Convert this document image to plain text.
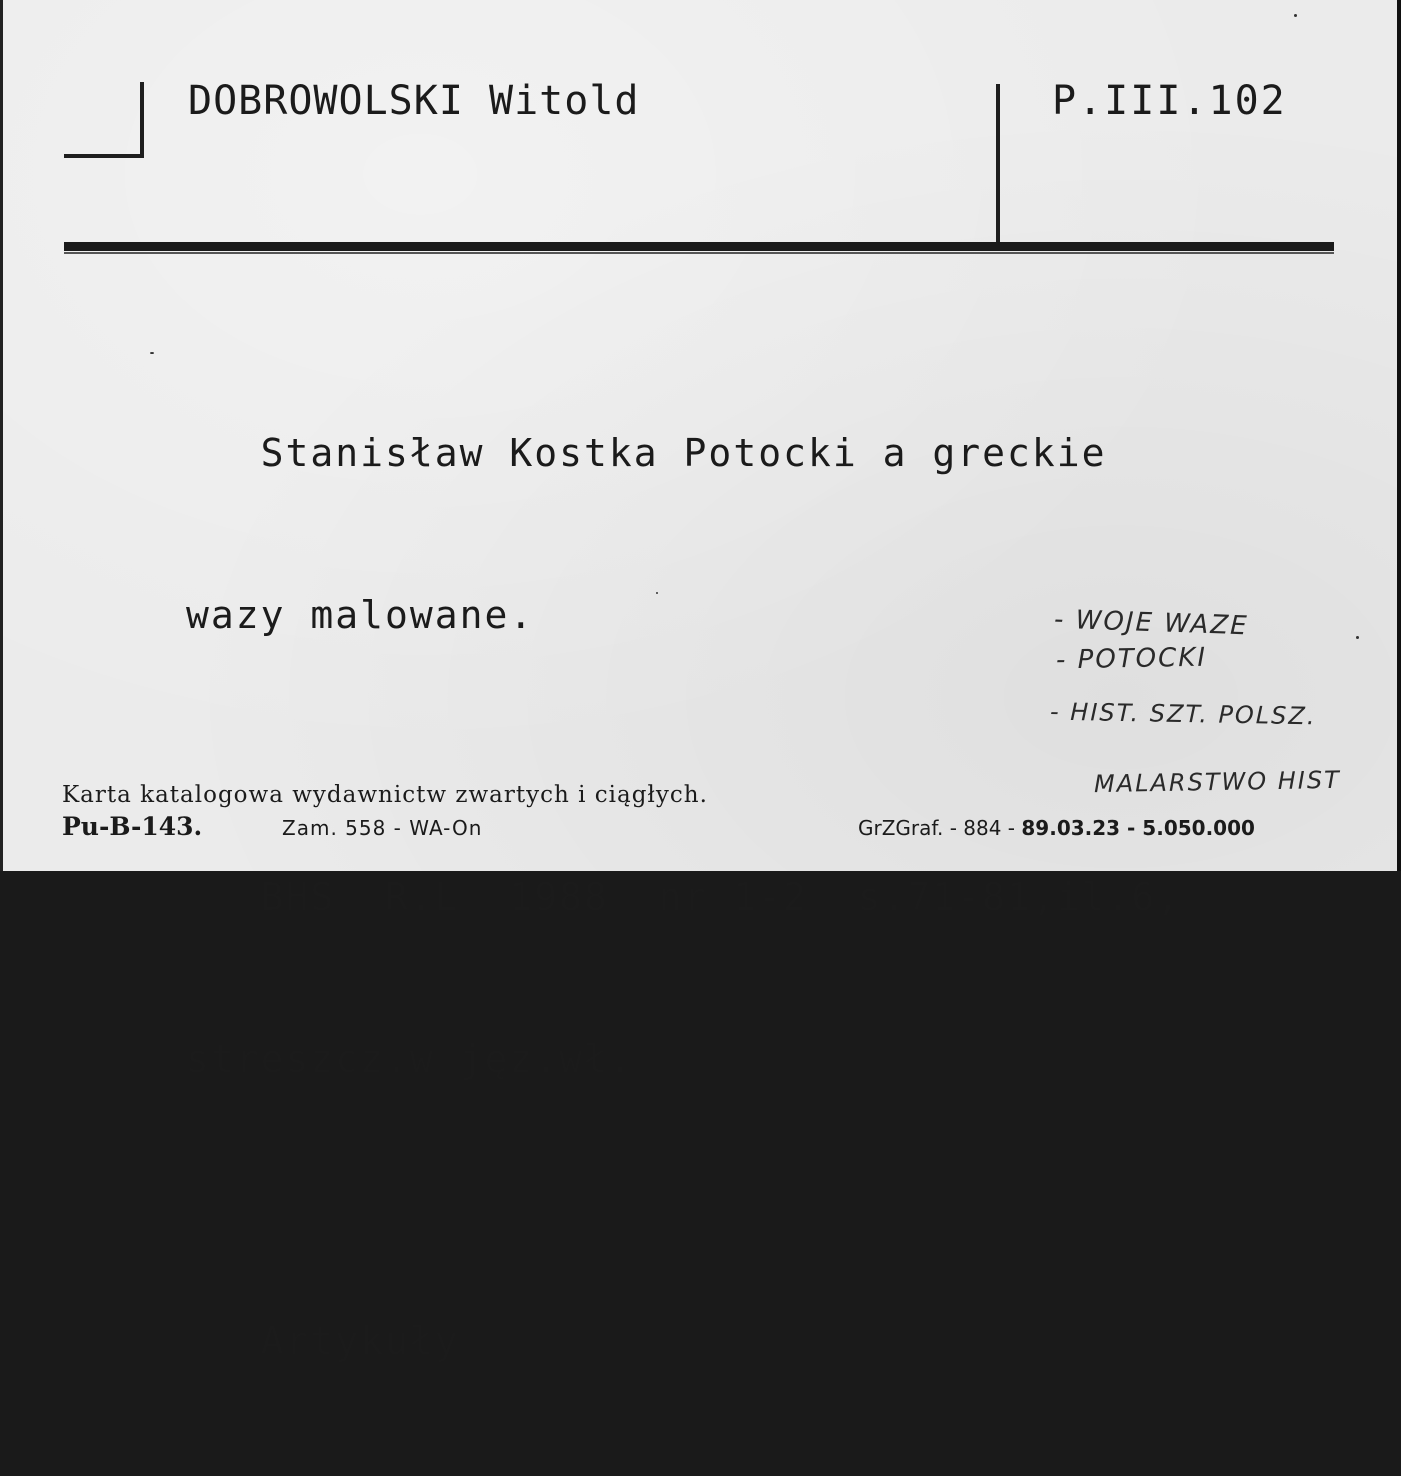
DOBROWOLSKI Witold	P.III.102

Stanisław Kostka Potocki a greckie

wazy malowane.

BHS  R.L  1988  nr 1-2  s.71-81,il.6,

streszcz.w jęz.wł.

Artykuły

- WOJE WAZE
- POTOCKI
- HIST. SZT. POLSZ.
MALARSTWO HIST
Karta katalogowa wydawnictw zwartych i ciągłych.
Pu-B-143.	Zam. 558 - WA-On	GrZGraf. - 884 - 89.03.23 - 5.050.000
